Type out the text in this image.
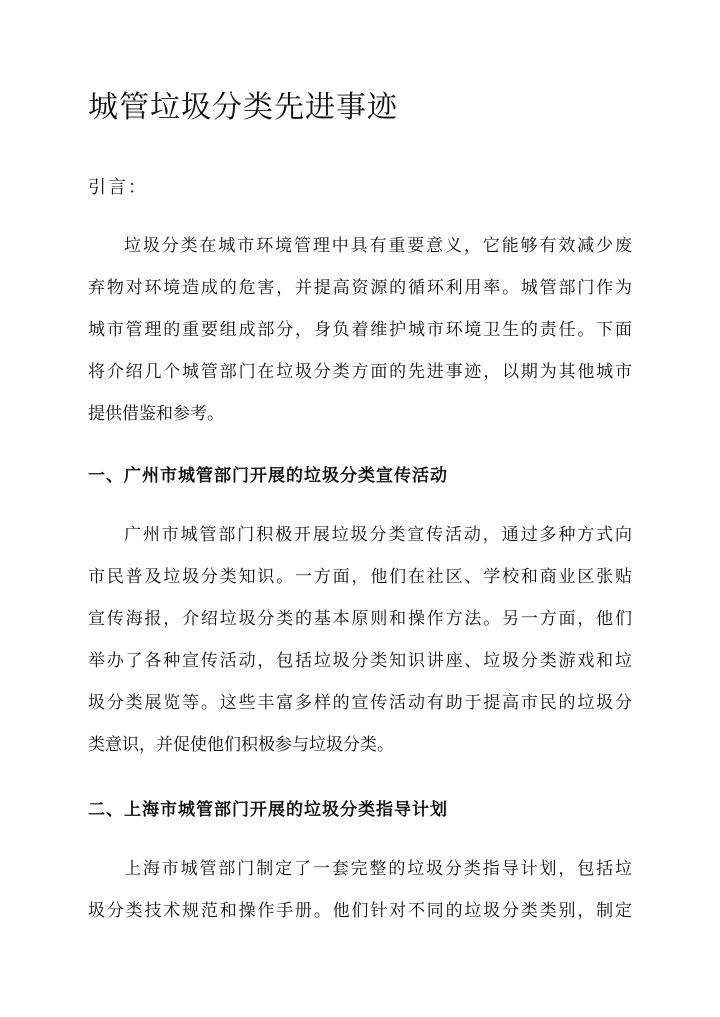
城管垃圾分类先进事迹

引言：

垃圾分类在城市环境管理中具有重要意义，它能够有效减少废
弃物对环境造成的危害，并提高资源的循环利用率。城管部门作为
城市管理的重要组成部分，身负着维护城市环境卫生的责任。下面
将介绍几个城管部门在垃圾分类方面的先进事迹，以期为其他城市
提供借鉴和参考。
一、广州市城管部门开展的垃圾分类宣传活动
广州市城管部门积极开展垃圾分类宣传活动，通过多种方式向
市民普及垃圾分类知识。一方面，他们在社区、学校和商业区张贴
宣传海报，介绍垃圾分类的基本原则和操作方法。另一方面，他们
举办了各种宣传活动，包括垃圾分类知识讲座、垃圾分类游戏和垃
圾分类展览等。这些丰富多样的宣传活动有助于提高市民的垃圾分
类意识，并促使他们积极参与垃圾分类。
二、上海市城管部门开展的垃圾分类指导计划
上海市城管部门制定了一套完整的垃圾分类指导计划，包括垃
圾分类技术规范和操作手册。他们针对不同的垃圾分类类别，制定
